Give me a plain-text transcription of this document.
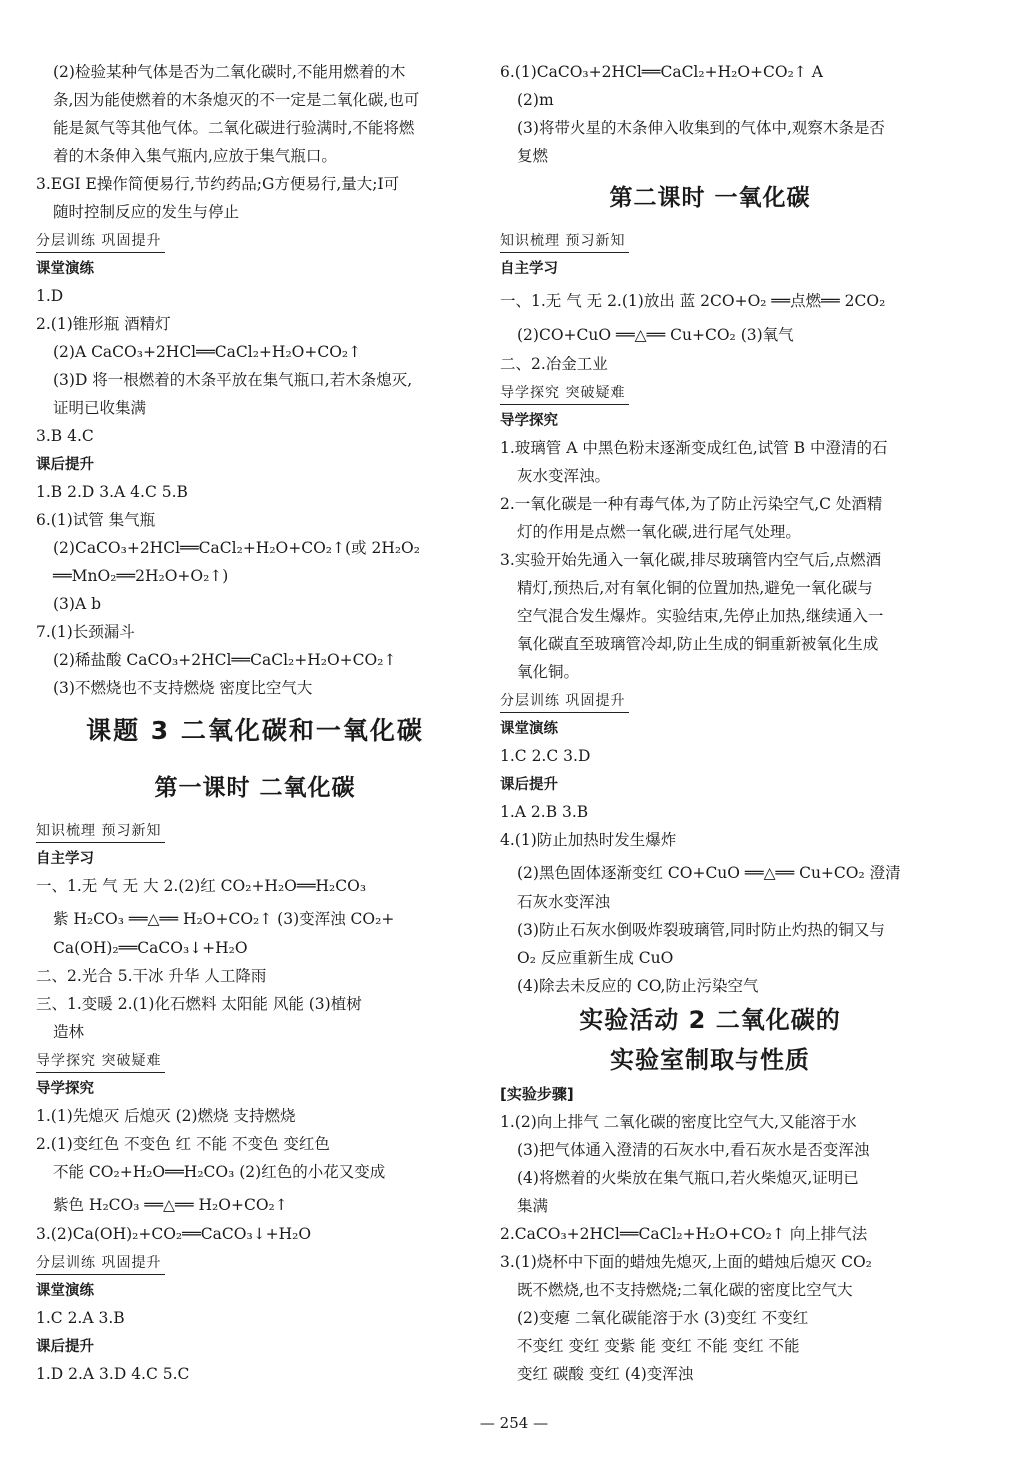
(2)检验某种气体是否为二氧化碳时,不能用燃着的木
条,因为能使燃着的木条熄灭的不一定是二氧化碳,也可
能是氮气等其他气体。二氧化碳进行验满时,不能将燃
着的木条伸入集气瓶内,应放于集气瓶口。
3.EGI E操作简便易行,节约药品;G方便易行,量大;I可
随时控制反应的发生与停止
分层训练 巩固提升
课堂演练
1.D
2.(1)锥形瓶 酒精灯
(2)A CaCO₃+2HCl══CaCl₂+H₂O+CO₂↑
(3)D 将一根燃着的木条平放在集气瓶口,若木条熄灭,
证明已收集满
3.B 4.C
课后提升
1.B 2.D 3.A 4.C 5.B
6.(1)试管 集气瓶
(2)CaCO₃+2HCl══CaCl₂+H₂O+CO₂↑(或 2H₂O₂
══MnO₂══2H₂O+O₂↑)
(3)A b
7.(1)长颈漏斗
(2)稀盐酸 CaCO₃+2HCl══CaCl₂+H₂O+CO₂↑
(3)不燃烧也不支持燃烧 密度比空气大
课题 3 二氧化碳和一氧化碳
第一课时 二氧化碳
知识梳理 预习新知
自主学习
一、1.无 气 无 大 2.(2)红 CO₂+H₂O══H₂CO₃
紫 H₂CO₃ ══△══ H₂O+CO₂↑ (3)变浑浊 CO₂+
Ca(OH)₂══CaCO₃↓+H₂O
二、2.光合 5.干冰 升华 人工降雨
三、1.变暖 2.(1)化石燃料 太阳能 风能 (3)植树
造林
导学探究 突破疑难
导学探究
1.(1)先熄灭 后熄灭 (2)燃烧 支持燃烧
2.(1)变红色 不变色 红 不能 不变色 变红色
不能 CO₂+H₂O══H₂CO₃ (2)红色的小花又变成
紫色 H₂CO₃ ══△══ H₂O+CO₂↑
3.(2)Ca(OH)₂+CO₂══CaCO₃↓+H₂O
分层训练 巩固提升
课堂演练
1.C 2.A 3.B
课后提升
1.D 2.A 3.D 4.C 5.C
6.(1)CaCO₃+2HCl══CaCl₂+H₂O+CO₂↑ A
(2)m
(3)将带火星的木条伸入收集到的气体中,观察木条是否
复燃
第二课时 一氧化碳
知识梳理 预习新知
自主学习
一、1.无 气 无 2.(1)放出 蓝 2CO+O₂ ══点燃══ 2CO₂
(2)CO+CuO ══△══ Cu+CO₂ (3)氧气
二、2.冶金工业
导学探究 突破疑难
导学探究
1.玻璃管 A 中黑色粉末逐渐变成红色,试管 B 中澄清的石
灰水变浑浊。
2.一氧化碳是一种有毒气体,为了防止污染空气,C 处酒精
灯的作用是点燃一氧化碳,进行尾气处理。
3.实验开始先通入一氧化碳,排尽玻璃管内空气后,点燃酒
精灯,预热后,对有氧化铜的位置加热,避免一氧化碳与
空气混合发生爆炸。实验结束,先停止加热,继续通入一
氧化碳直至玻璃管冷却,防止生成的铜重新被氧化生成
氧化铜。
分层训练 巩固提升
课堂演练
1.C 2.C 3.D
课后提升
1.A 2.B 3.B
4.(1)防止加热时发生爆炸
(2)黑色固体逐渐变红 CO+CuO ══△══ Cu+CO₂ 澄清
石灰水变浑浊
(3)防止石灰水倒吸炸裂玻璃管,同时防止灼热的铜又与
O₂ 反应重新生成 CuO
(4)除去未反应的 CO,防止污染空气
实验活动 2 二氧化碳的
实验室制取与性质
[实验步骤]
1.(2)向上排气 二氧化碳的密度比空气大,又能溶于水
(3)把气体通入澄清的石灰水中,看石灰水是否变浑浊
(4)将燃着的火柴放在集气瓶口,若火柴熄灭,证明已
集满
2.CaCO₃+2HCl══CaCl₂+H₂O+CO₂↑ 向上排气法
3.(1)烧杯中下面的蜡烛先熄灭,上面的蜡烛后熄灭 CO₂
既不燃烧,也不支持燃烧;二氧化碳的密度比空气大
(2)变瘪 二氧化碳能溶于水 (3)变红 不变红
不变红 变红 变紫 能 变红 不能 变红 不能
变红 碳酸 变红 (4)变浑浊
— 254 —
